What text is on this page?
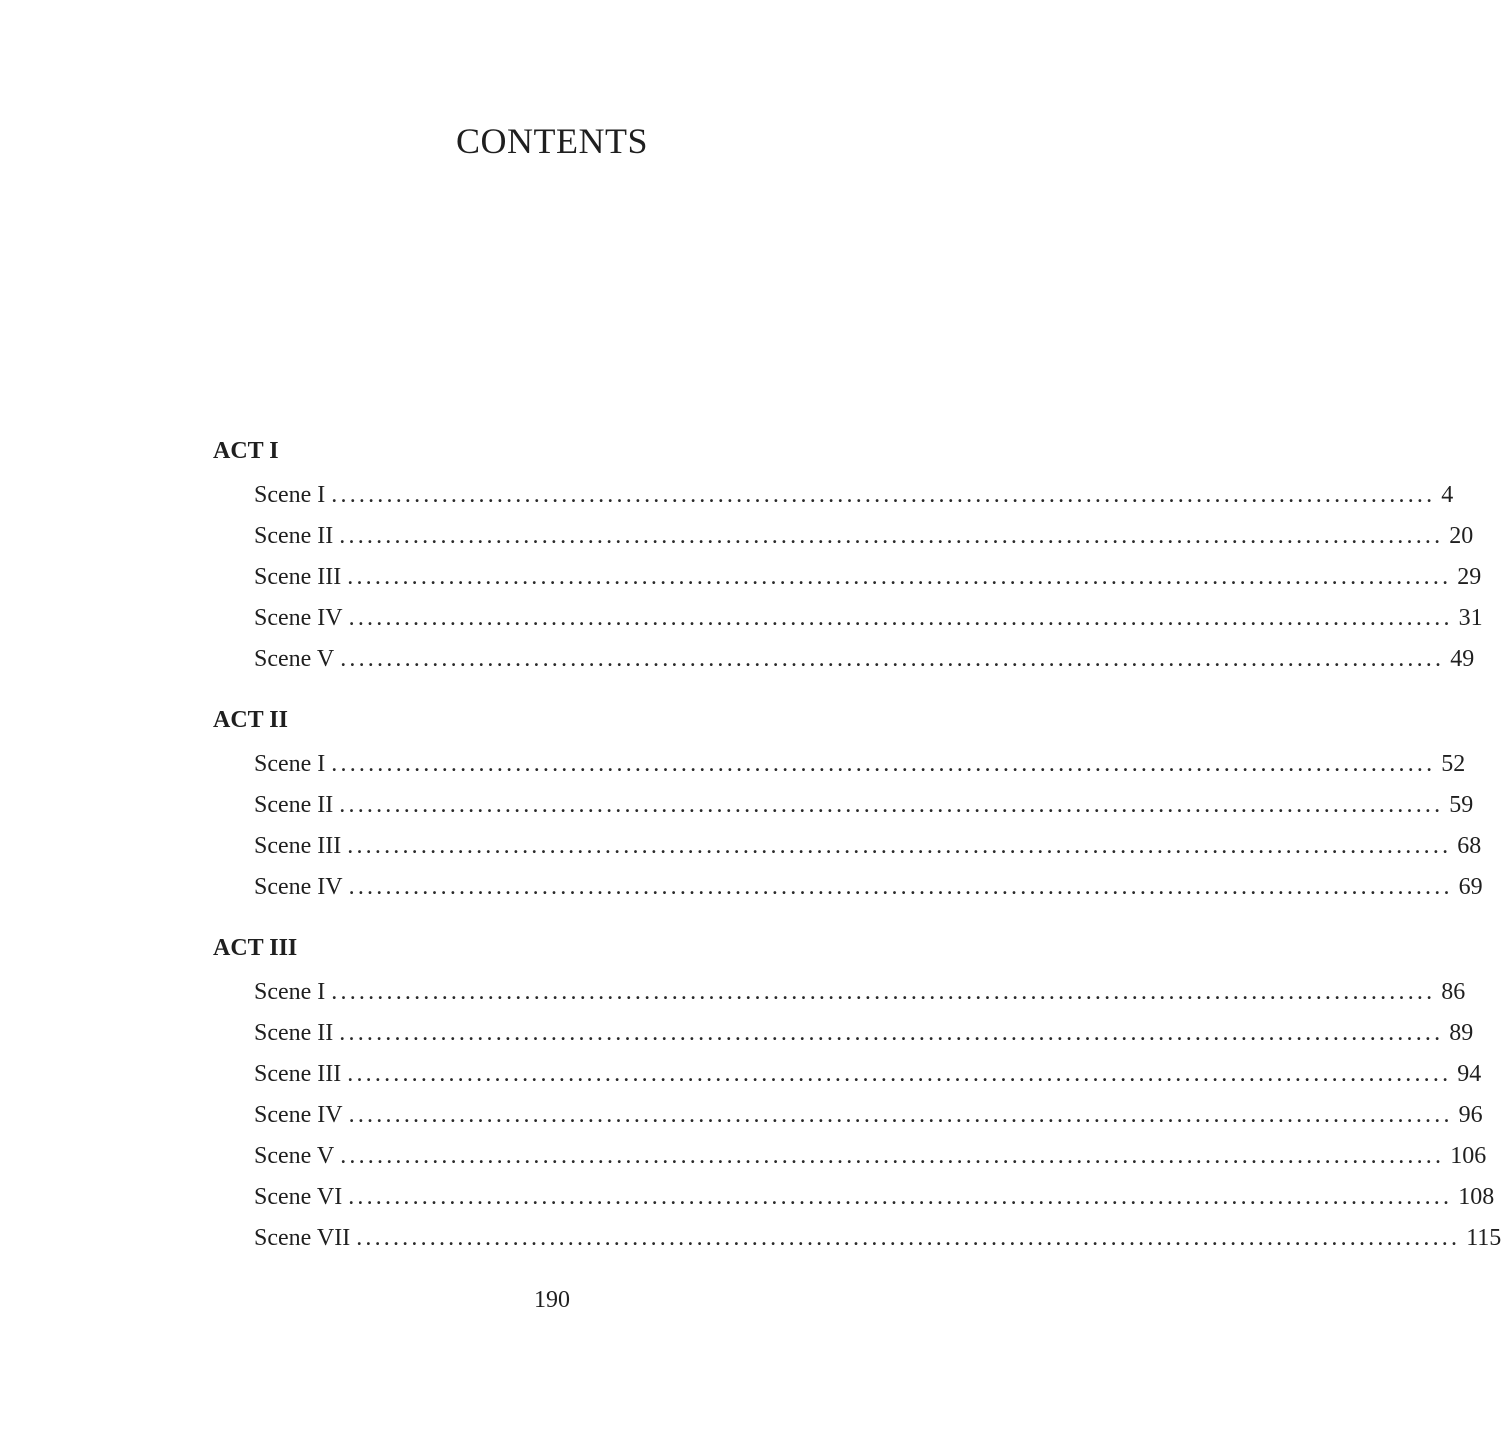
CONTENTS
ACT I
Scene I ........................................................................................................................ 4
Scene II ........................................................................................................................ 20
Scene III ........................................................................................................................ 29
Scene IV ........................................................................................................................ 31
Scene V ........................................................................................................................ 49
ACT II
Scene I ........................................................................................................................ 52
Scene II ........................................................................................................................ 59
Scene III ........................................................................................................................ 68
Scene IV ........................................................................................................................ 69
ACT III
Scene I ........................................................................................................................ 86
Scene II ........................................................................................................................ 89
Scene III ........................................................................................................................ 94
Scene IV ........................................................................................................................ 96
Scene V ........................................................................................................................ 106
Scene VI ........................................................................................................................ 108
Scene VII ........................................................................................................................ 115
190
